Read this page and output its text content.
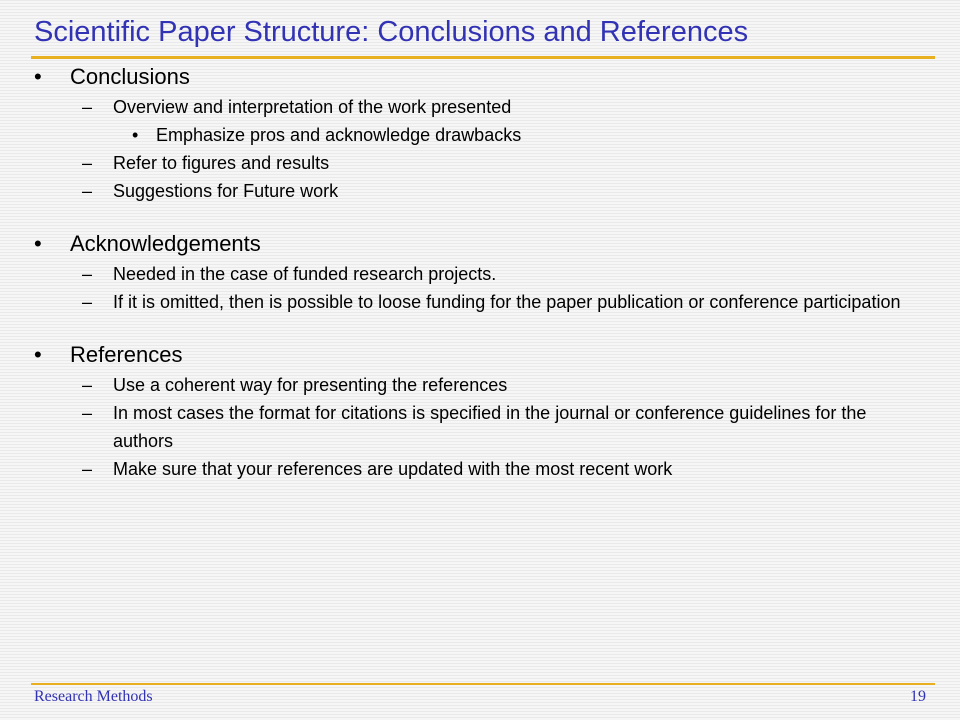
Scientific Paper Structure: Conclusions and References
• Conclusions
– Overview and interpretation of the work presented
• Emphasize pros and acknowledge drawbacks
– Refer to figures and results
– Suggestions for Future work
• Acknowledgements
– Needed in the case of funded research projects.
– If it is omitted, then is possible to loose funding for the paper publication or conference participation
• References
– Use a coherent way for presenting the references
– In most cases the format for citations is specified in the journal or conference guidelines for the authors
– Make sure that your references are updated with the most recent work
Research Methods	19
